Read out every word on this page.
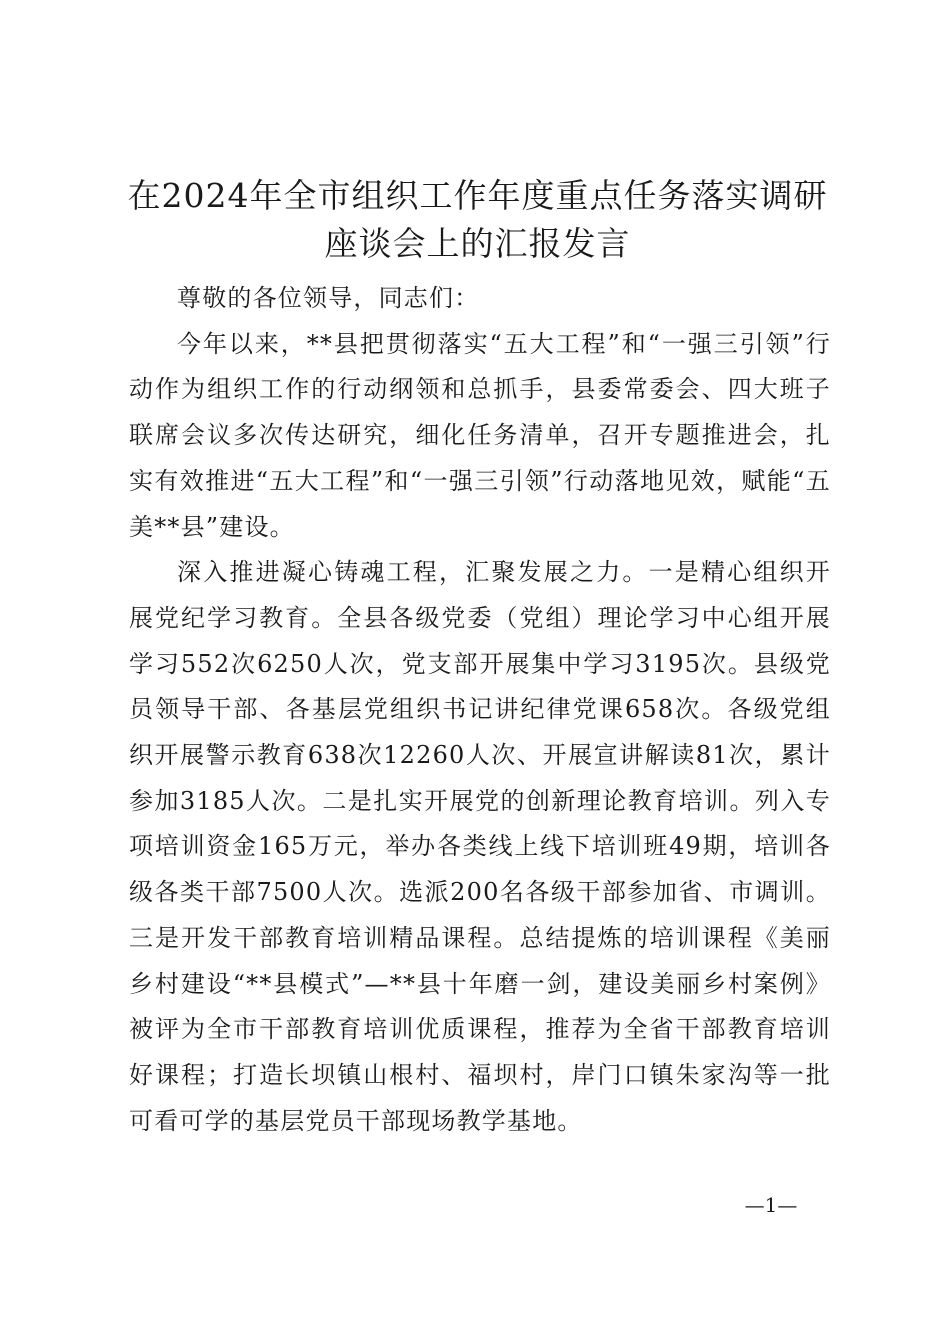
在2024年全市组织工作年度重点任务落实调研座谈会上的汇报发言

尊敬的各位领导，同志们：

今年以来，**县把贯彻落实“五大工程”和“一强三引领”行动作为组织工作的行动纲领和总抓手，县委常委会、四大班子联席会议多次传达研究，细化任务清单，召开专题推进会，扎实有效推进“五大工程”和“一强三引领”行动落地见效，赋能“五美**县”建设。

深入推进凝心铸魂工程，汇聚发展之力。一是精心组织开展党纪学习教育。全县各级党委（党组）理论学习中心组开展学习552次6250人次，党支部开展集中学习3195次。县级党员领导干部、各基层党组织书记讲纪律党课658次。各级党组织开展警示教育638次12260人次、开展宣讲解读81次，累计参加3185人次。二是扎实开展党的创新理论教育培训。列入专项培训资金165万元，举办各类线上线下培训班49期，培训各级各类干部7500人次。选派200名各级干部参加省、市调训。三是开发干部教育培训精品课程。总结提炼的培训课程《美丽乡村建设“**县模式”—**县十年磨一剑，建设美丽乡村案例》被评为全市干部教育培训优质课程，推荐为全省干部教育培训好课程；打造长坝镇山根村、福坝村，岸门口镇朱家沟等一批可看可学的基层党员干部现场教学基地。

—1—
